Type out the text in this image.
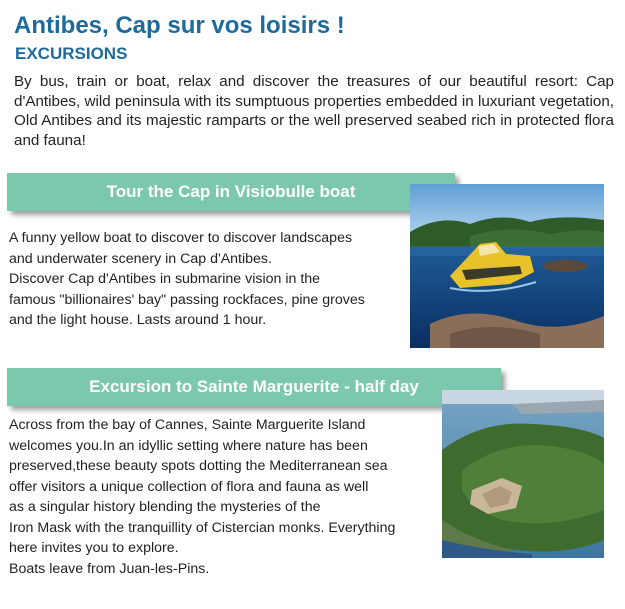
Antibes, Cap sur vos loisirs !
EXCURSIONS

By bus, train or boat, relax and discover the treasures of our beautiful resort: Cap d'Antibes, wild peninsula with its sumptuous properties embedded in luxuriant vegetation, Old Antibes and its majestic ramparts or the well preserved seabed rich in protected flora and fauna!

Tour the Cap in Visiobulle boat

A funny yellow boat to discover to discover landscapes
and underwater scenery in Cap d'Antibes.
Discover Cap d'Antibes in submarine vision in the
famous "billionaires' bay" passing rockfaces, pine groves
and the light house. Lasts around 1 hour.

Excursion to Sainte Marguerite - half day

Across from the bay of Cannes, Sainte Marguerite Island
welcomes you.In an idyllic setting where nature has been
preserved,these beauty spots dotting the Mediterranean sea
offer visitors a unique collection of flora and fauna as well
as a singular history blending the mysteries of the
Iron Mask with the tranquillity of Cistercian monks. Everything
here invites you to explore.
Boats leave from Juan-les-Pins.
